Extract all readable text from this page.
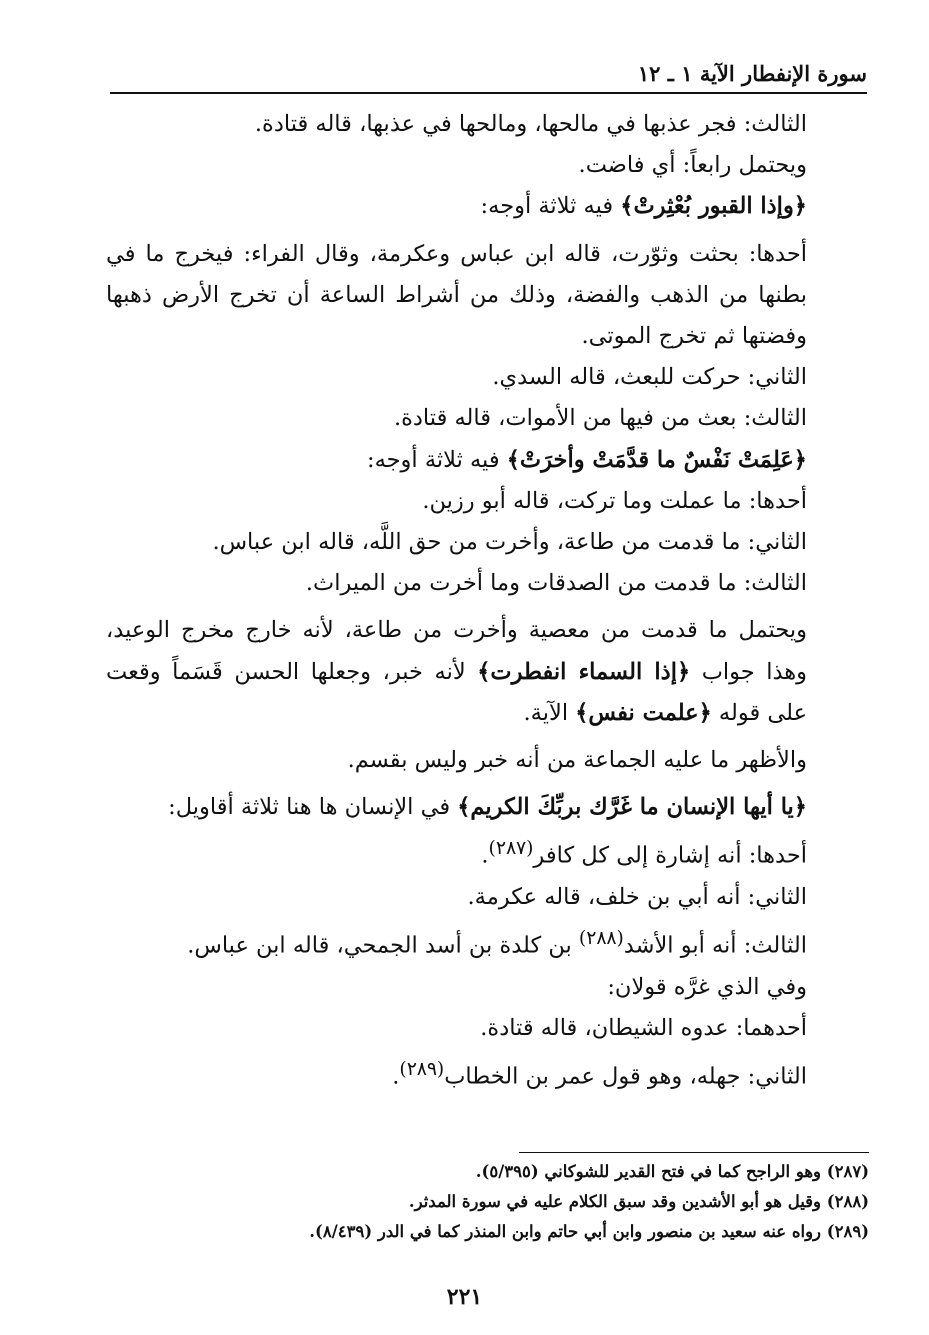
سورة الإنفطار الآية ١ ـ ١٢

الثالث: فجر عذبها في مالحها، ومالحها في عذبها، قاله قتادة.

ويحتمل رابعاً: أي فاضت.

﴿وإذا القبور بُعْثِرتْ﴾ فيه ثلاثة أوجه:

أحدها: بحثت وثوّرت، قاله ابن عباس وعكرمة، وقال الفراء: فيخرج ما في بطنها من الذهب والفضة، وذلك من أشراط الساعة أن تخرج الأرض ذهبها وفضتها ثم تخرج الموتى.

الثاني: حركت للبعث، قاله السدي.

الثالث: بعث من فيها من الأموات، قاله قتادة.

﴿عَلِمَتْ نَفْسٌ ما قدَّمَتْ وأخرَتْ﴾ فيه ثلاثة أوجه:

أحدها: ما عملت وما تركت، قاله أبو رزين.

الثاني: ما قدمت من طاعة، وأخرت من حق اللَّه، قاله ابن عباس.

الثالث: ما قدمت من الصدقات وما أخرت من الميراث.

ويحتمل ما قدمت من معصية وأخرت من طاعة، لأنه خارج مخرج الوعيد، وهذا جواب ﴿إذا السماء انفطرت﴾ لأنه خبر، وجعلها الحسن قَسَماً وقعت على قوله ﴿علمت نفس﴾ الآية.

والأظهر ما عليه الجماعة من أنه خبر وليس بقسم.

﴿يا أيها الإنسان ما غَرَّك بربِّكَ الكريم﴾ في الإنسان ها هنا ثلاثة أقاويل:

أحدها: أنه إشارة إلى كل كافر$^{(٢٨٧)}$.

الثاني: أنه أبي بن خلف، قاله عكرمة.

الثالث: أنه أبو الأشد$^{(٢٨٨)}$ بن كلدة بن أسد الجمحي، قاله ابن عباس.

وفي الذي غرَّه قولان:

أحدهما: عدوه الشيطان، قاله قتادة.

الثاني: جهله، وهو قول عمر بن الخطاب$^{(٢٨٩)}$.

(٢٨٧) وهو الراجح كما في فتح القدير للشوكاني (٥/٣٩٥).

(٢٨٨) وقيل هو أبو الأشدين وقد سبق الكلام عليه في سورة المدثر.

(٢٨٩) رواه عنه سعيد بن منصور وابن أبي حاتم وابن المنذر كما في الدر (٨/٤٣٩).

٢٢١
